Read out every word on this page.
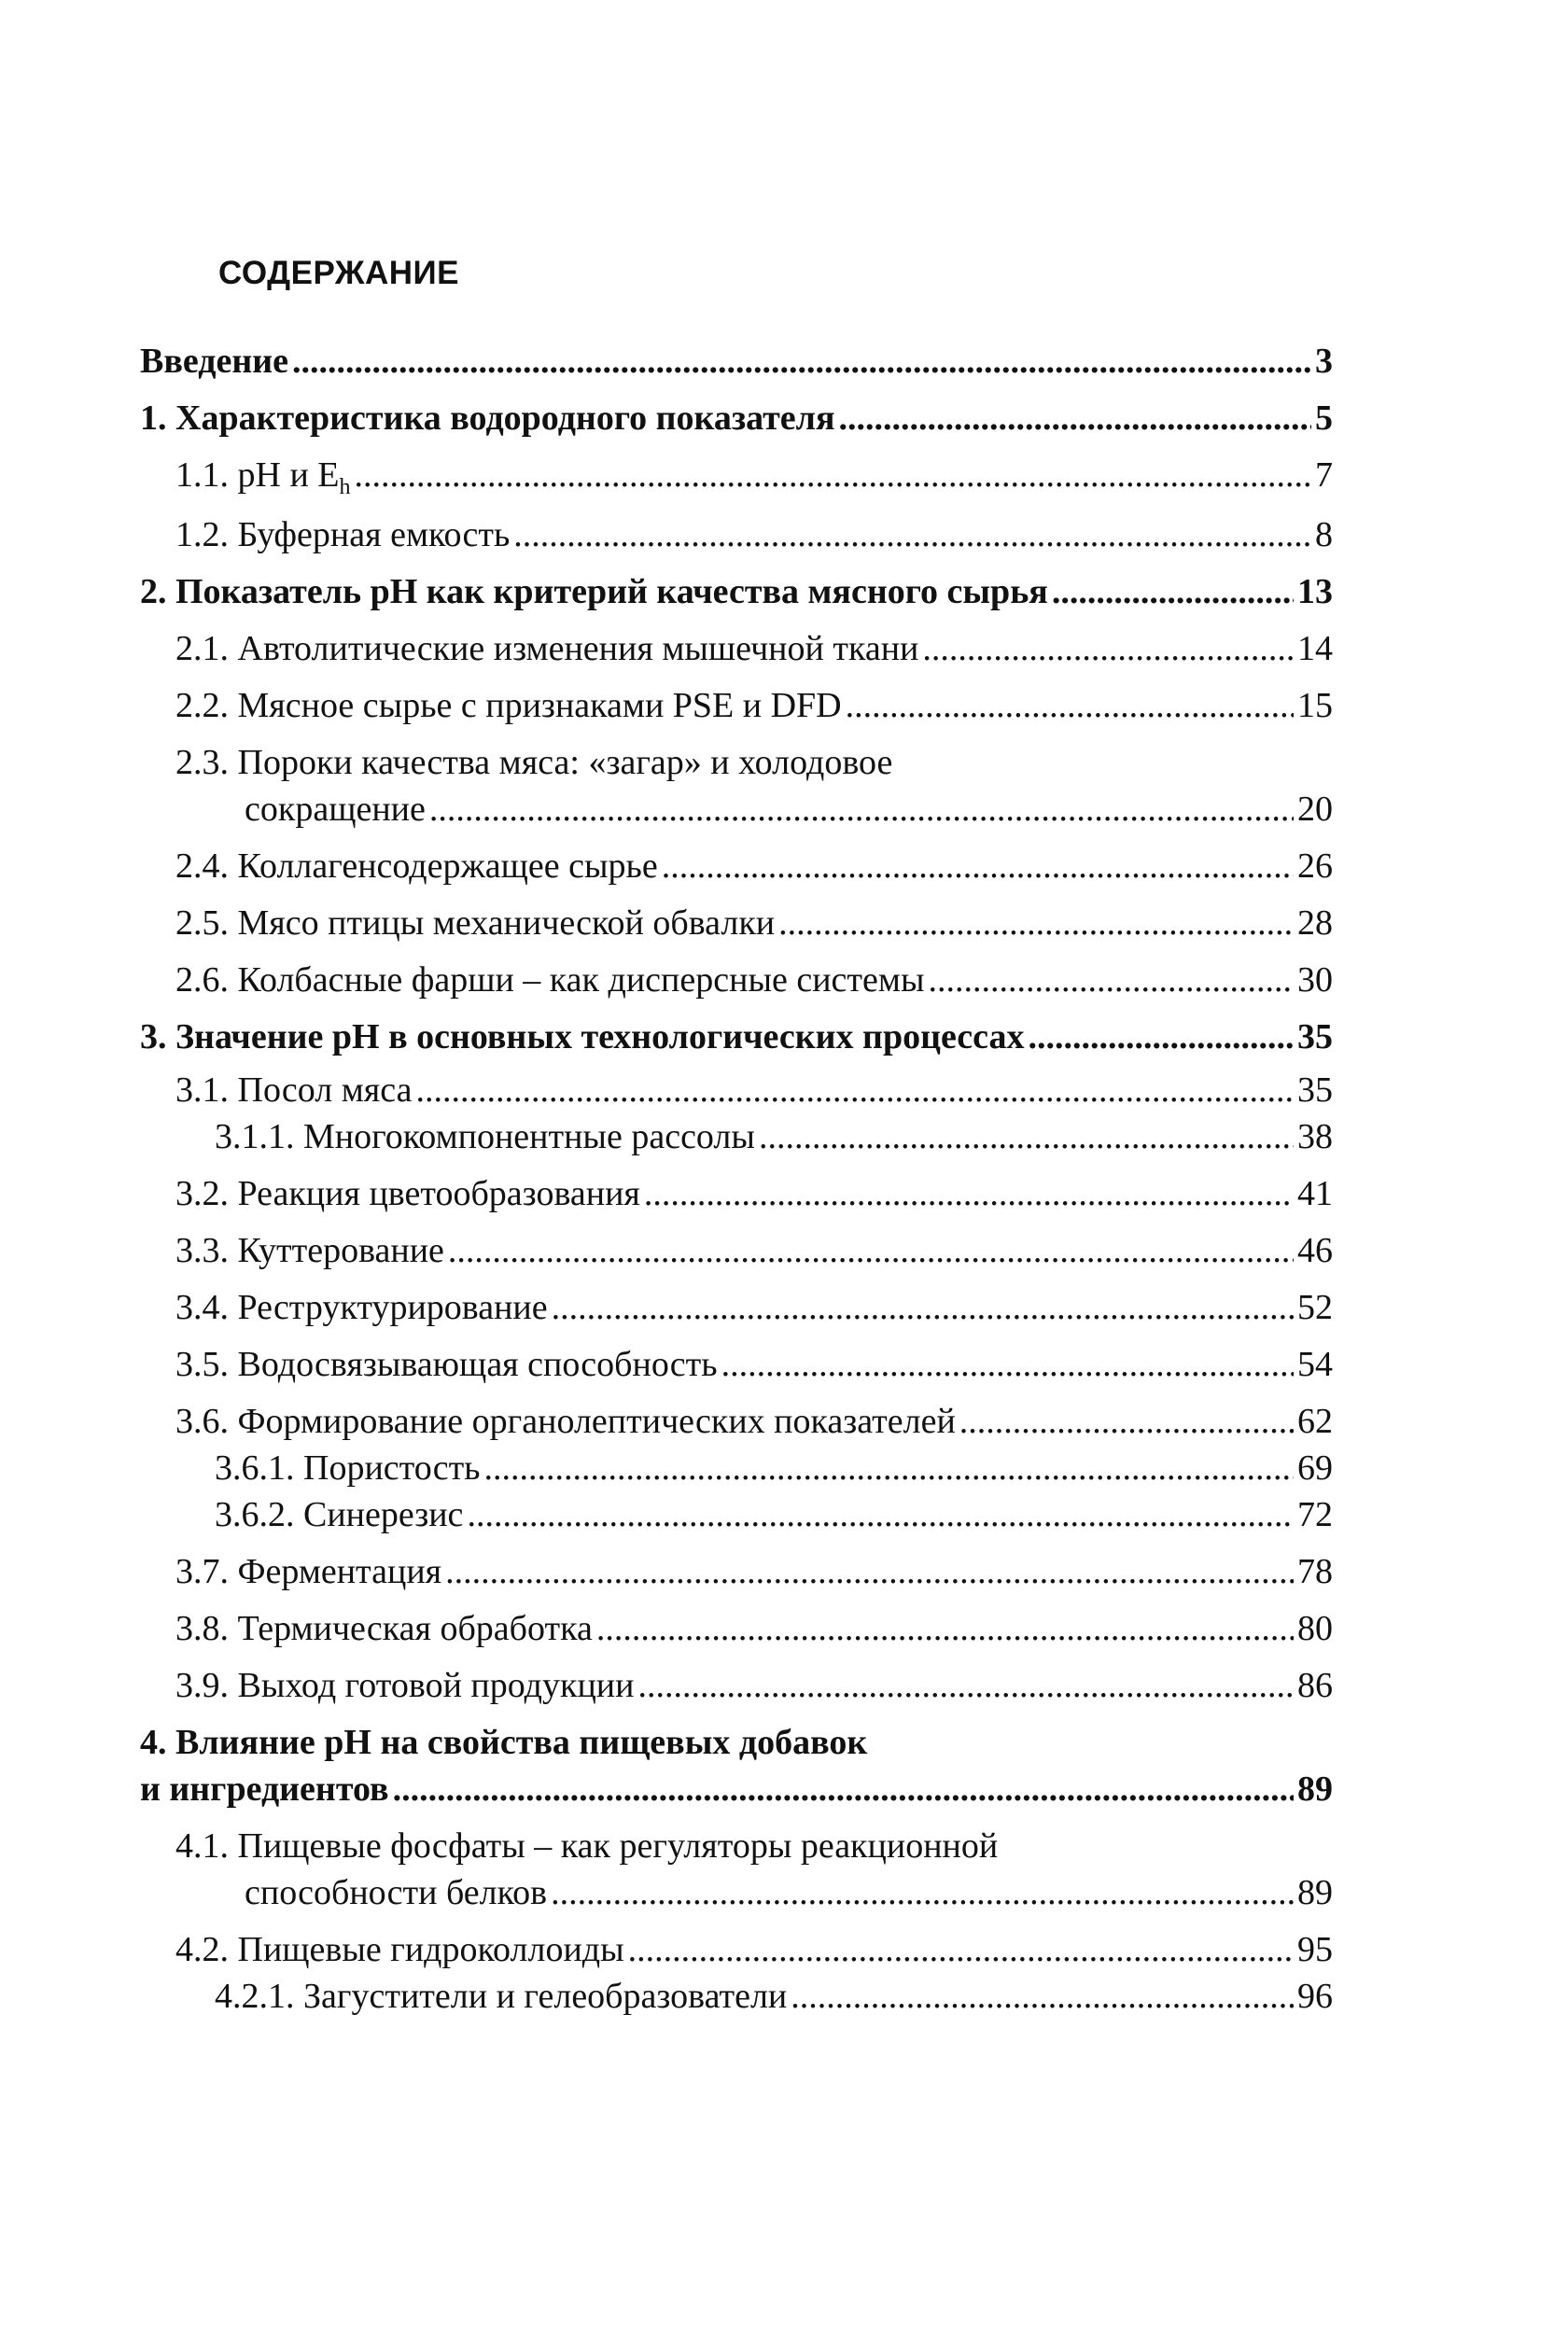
СОДЕРЖАНИЕ
Введение .....	3
1. Характеристика водородного показателя .....	5
1.1. pH и $E_h$ .....	7
1.2. Буферная емкость .....	8
2. Показатель pH как критерий качества мясного сырья .....	13
2.1. Автолитические изменения мышечной ткани .....	14
2.2. Мясное сырье с признаками PSE и DFD .....	15
2.3. Пороки качества мяса: «загар» и холодовое
сокращение .....	20
2.4. Коллагенсодержащее сырье .....	26
2.5. Мясо птицы механической обвалки .....	28
2.6. Колбасные фарши – как дисперсные системы .....	30
3. Значение pH в основных технологических процессах .....	35
3.1. Посол мяса .....	35
3.1.1. Многокомпонентные рассолы .....	38
3.2. Реакция цветообразования .....	41
3.3. Куттерование .....	46
3.4. Реструктурирование .....	52
3.5. Водосвязывающая способность .....	54
3.6. Формирование органолептических показателей .....	62
3.6.1. Пористость .....	69
3.6.2. Синерезис .....	72
3.7. Ферментация .....	78
3.8. Термическая обработка .....	80
3.9. Выход готовой продукции .....	86
4. Влияние pH на свойства пищевых добавок
и ингредиентов .....	89
4.1. Пищевые фосфаты – как регуляторы реакционной
способности белков .....	89
4.2. Пищевые гидроколлоиды .....	95
4.2.1. Загустители и гелеобразователи .....	96
